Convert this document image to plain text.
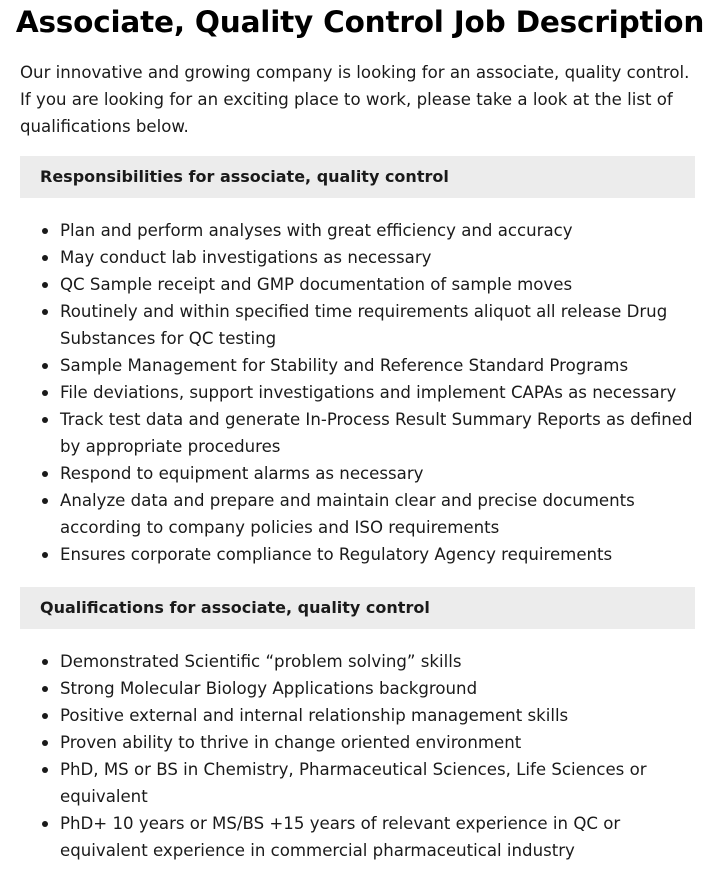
Associate, Quality Control Job Description

Our innovative and growing company is looking for an associate, quality control. If you are looking for an exciting place to work, please take a look at the list of qualifications below.

Responsibilities for associate, quality control
Plan and perform analyses with great efficiency and accuracy
May conduct lab investigations as necessary
QC Sample receipt and GMP documentation of sample moves
Routinely and within specified time requirements aliquot all release Drug Substances for QC testing
Sample Management for Stability and Reference Standard Programs
File deviations, support investigations and implement CAPAs as necessary
Track test data and generate In-Process Result Summary Reports as defined by appropriate procedures
Respond to equipment alarms as necessary
Analyze data and prepare and maintain clear and precise documents according to company policies and ISO requirements
Ensures corporate compliance to Regulatory Agency requirements
Qualifications for associate, quality control
Demonstrated Scientific “problem solving” skills
Strong Molecular Biology Applications background
Positive external and internal relationship management skills
Proven ability to thrive in change oriented environment
PhD, MS or BS in Chemistry, Pharmaceutical Sciences, Life Sciences or equivalent
PhD+ 10 years or MS/BS +15 years of relevant experience in QC or equivalent experience in commercial pharmaceutical industry
